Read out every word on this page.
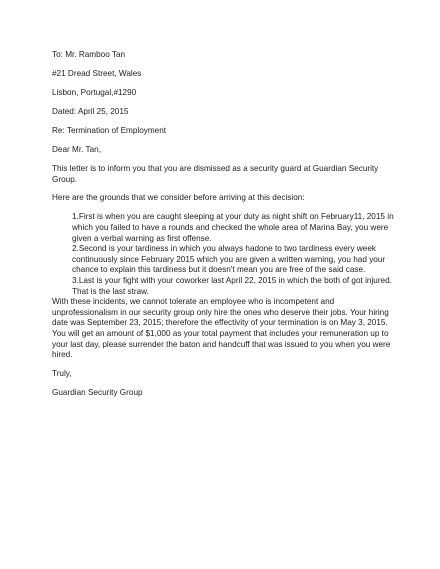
To: Mr. Ramboo Tan
#21 Dread Street, Wales
Lisbon, Portugal,#1290
Dated: April 25, 2015
Re: Termination of Employment
Dear Mr. Tan,
This letter is to inform you that you are dismissed as a security guard at Guardian Security
Group.
Here are the grounds that we consider before arriving at this decision:
1.First is when you are caught sleeping at your duty as night shift on February11, 2015 in
which you failed to have a rounds and checked the whole area of Marina Bay, you were
given a verbal warning as first offense.
2.Second is your tardiness in which you always hadone to two tardiness every week
continuously since February 2015 which you are given a written warning, you had your
chance to explain this tardiness but it doesn't mean you are free of the said case.
3.Last is your fight with your coworker last April 22, 2015 in which the both of got injured.
That is the last straw.
With these incidents, we cannot tolerate an employee who is incompetent and
unprofessionalism in our security group only hire the ones who deserve their jobs. Your hiring
date was September 23, 2015; therefore the effectivity of your termination is on May 3, 2015.
You will get an amount of $1,000 as your total payment that includes your remuneration up to
your last day, please surrender the baton and handcuff that was issued to you when you were
hired.
Truly,
Guardian Security Group
